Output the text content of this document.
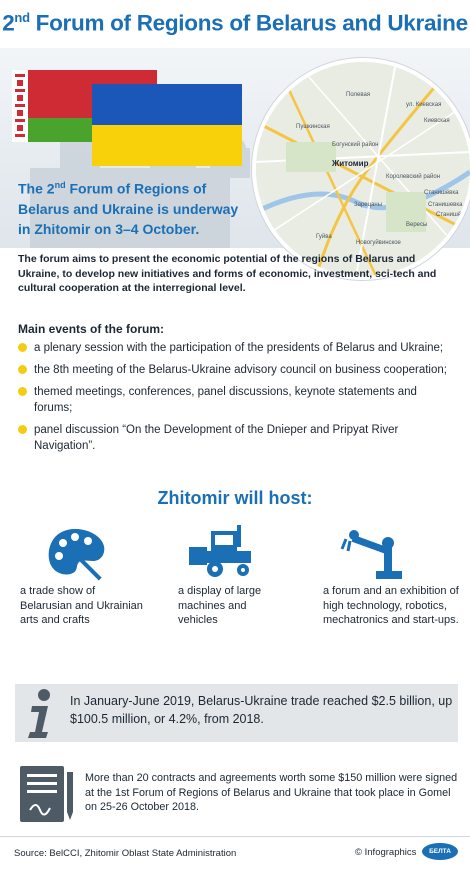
2nd Forum of Regions of Belarus and Ukraine
Житомир
ул. Киевская
Киевская
Полевая
Пушкинская
Богунский район
Королевский район
Зарецаны
Станишёвка
Станишевка
Новогуйвинское
Гуйва
Вересы
Станишёвка
The 2nd Forum of Regions of Belarus and Ukraine is underway in Zhitomir on 3–4 October.
The forum aims to present the economic potential of the regions of Belarus and Ukraine, to develop new initiatives and forms of economic, investment, sci-tech and cultural cooperation at the interregional level.
Main events of the forum:
a plenary session with the participation of the presidents of Belarus and Ukraine;
the 8th meeting of the Belarus-Ukraine advisory council on business cooperation;
themed meetings, conferences, panel discussions, keynote statements and forums;
panel discussion “On the Development of the Dnieper and Pripyat River Navigation”.
Zhitomir will host:
a trade show of Belarusian and Ukrainian arts and crafts
a display of large machines and vehicles
a forum and an exhibition of high technology, robotics, mechatronics and start-ups.
In January-June 2019, Belarus-Ukraine trade reached $2.5 billion, up $100.5 million, or 4.2%, from 2018.
More than 20 contracts and agreements worth some $150 million were signed at the 1st Forum of Regions of Belarus and Ukraine that took place in Gomel on 25-26 October 2018.
Source: BelCCI, Zhitomir Oblast State Administration	© Infographics	БЕЛТА
